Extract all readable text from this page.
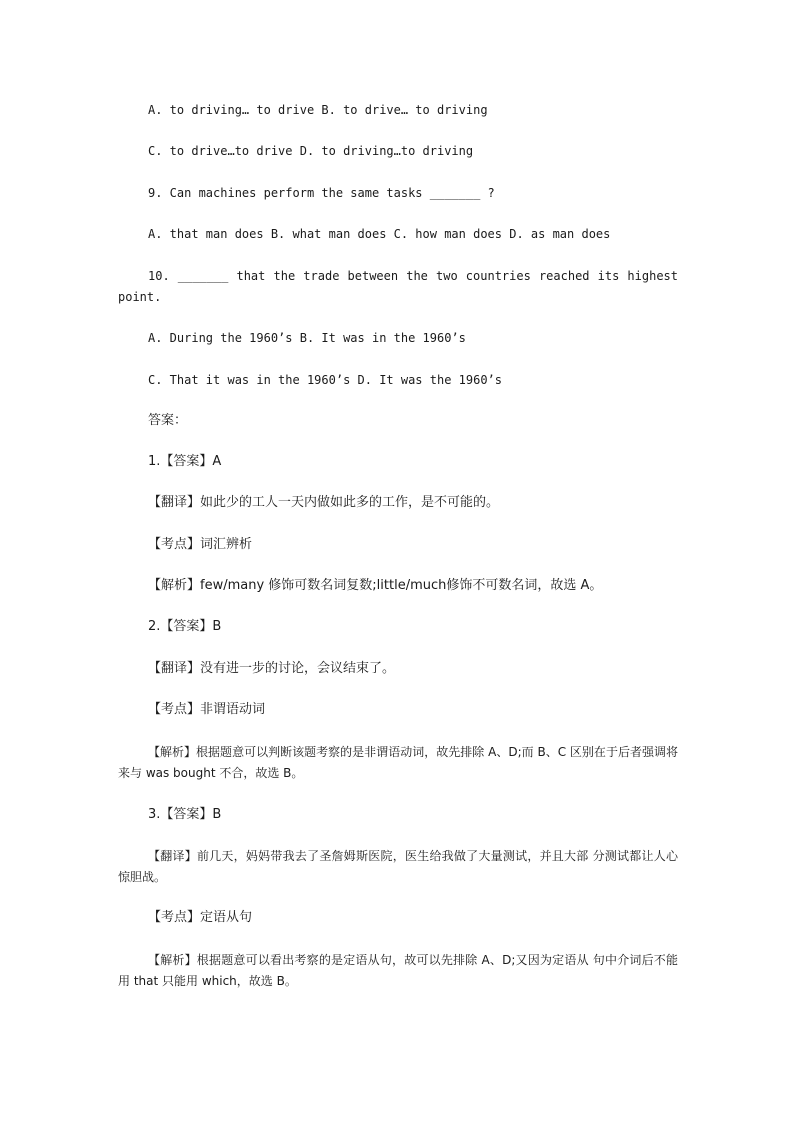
A. to driving… to drive B. to drive… to driving
C. to drive…to drive D. to driving…to driving
9. Can machines perform the same tasks _______ ?
A. that man does B. what man does C. how man does D. as man does
10. _______ that the trade between the two countries reached its highest point.
A. During the 1960’s B. It was in the 1960’s
C. That it was in the 1960’s D. It was the 1960’s
答案：
1.【答案】A
【翻译】如此少的工人一天内做如此多的工作，是不可能的。
【考点】词汇辨析
【解析】few/many 修饰可数名词复数;little/much修饰不可数名词，故选 A。
2.【答案】B
【翻译】没有进一步的讨论，会议结束了。
【考点】非谓语动词
【解析】根据题意可以判断该题考察的是非谓语动词，故先排除 A、D;而 B、C 区别在于后者强调将来与 was bought 不合，故选 B。
3.【答案】B
【翻译】前几天，妈妈带我去了圣詹姆斯医院，医生给我做了大量测试，并且大部 分测试都让人心惊胆战。
【考点】定语从句
【解析】根据题意可以看出考察的是定语从句，故可以先排除 A、D;又因为定语从 句中介词后不能用 that 只能用 which，故选 B。
